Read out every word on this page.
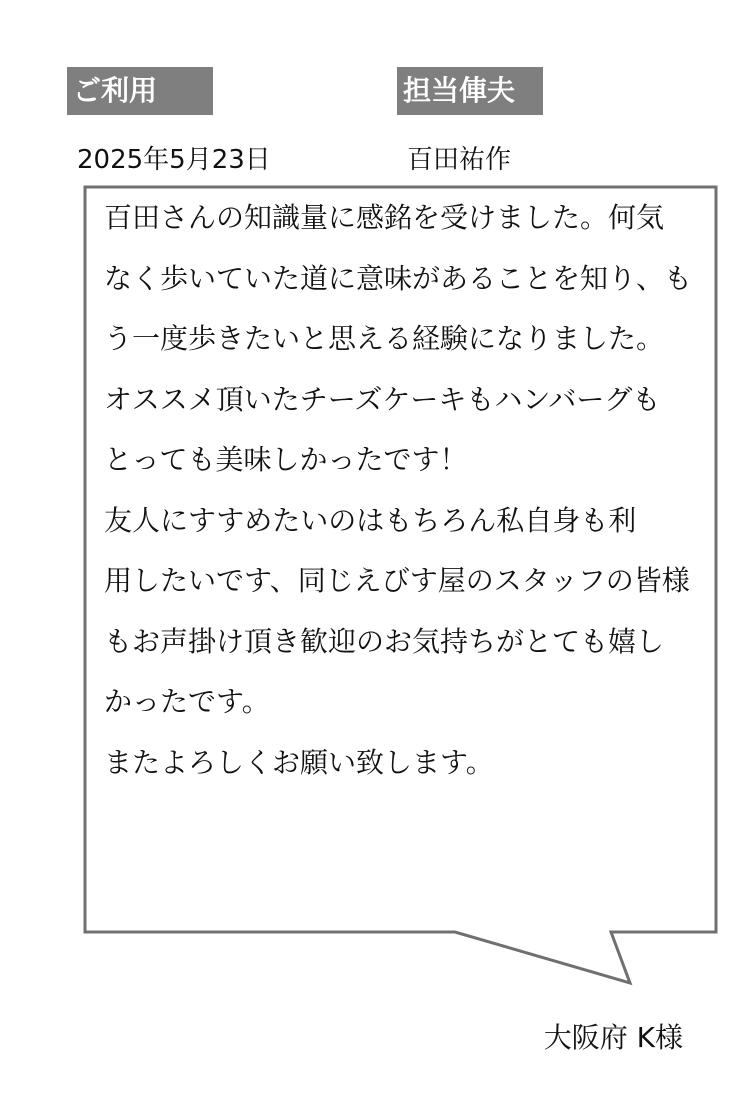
ご利用	担当俥夫
2025年5月23日	百田祐作
百田さんの知識量に感銘を受けました。何気
なく歩いていた道に意味があることを知り、も
う一度歩きたいと思える経験になりました。
オススメ頂いたチーズケーキもハンバーグも
とっても美味しかったです！
友人にすすめたいのはもちろん私自身も利
用したいです、同じえびす屋のスタッフの皆様
もお声掛け頂き歓迎のお気持ちがとても嬉し
かったです。
またよろしくお願い致します。
大阪府 K様
